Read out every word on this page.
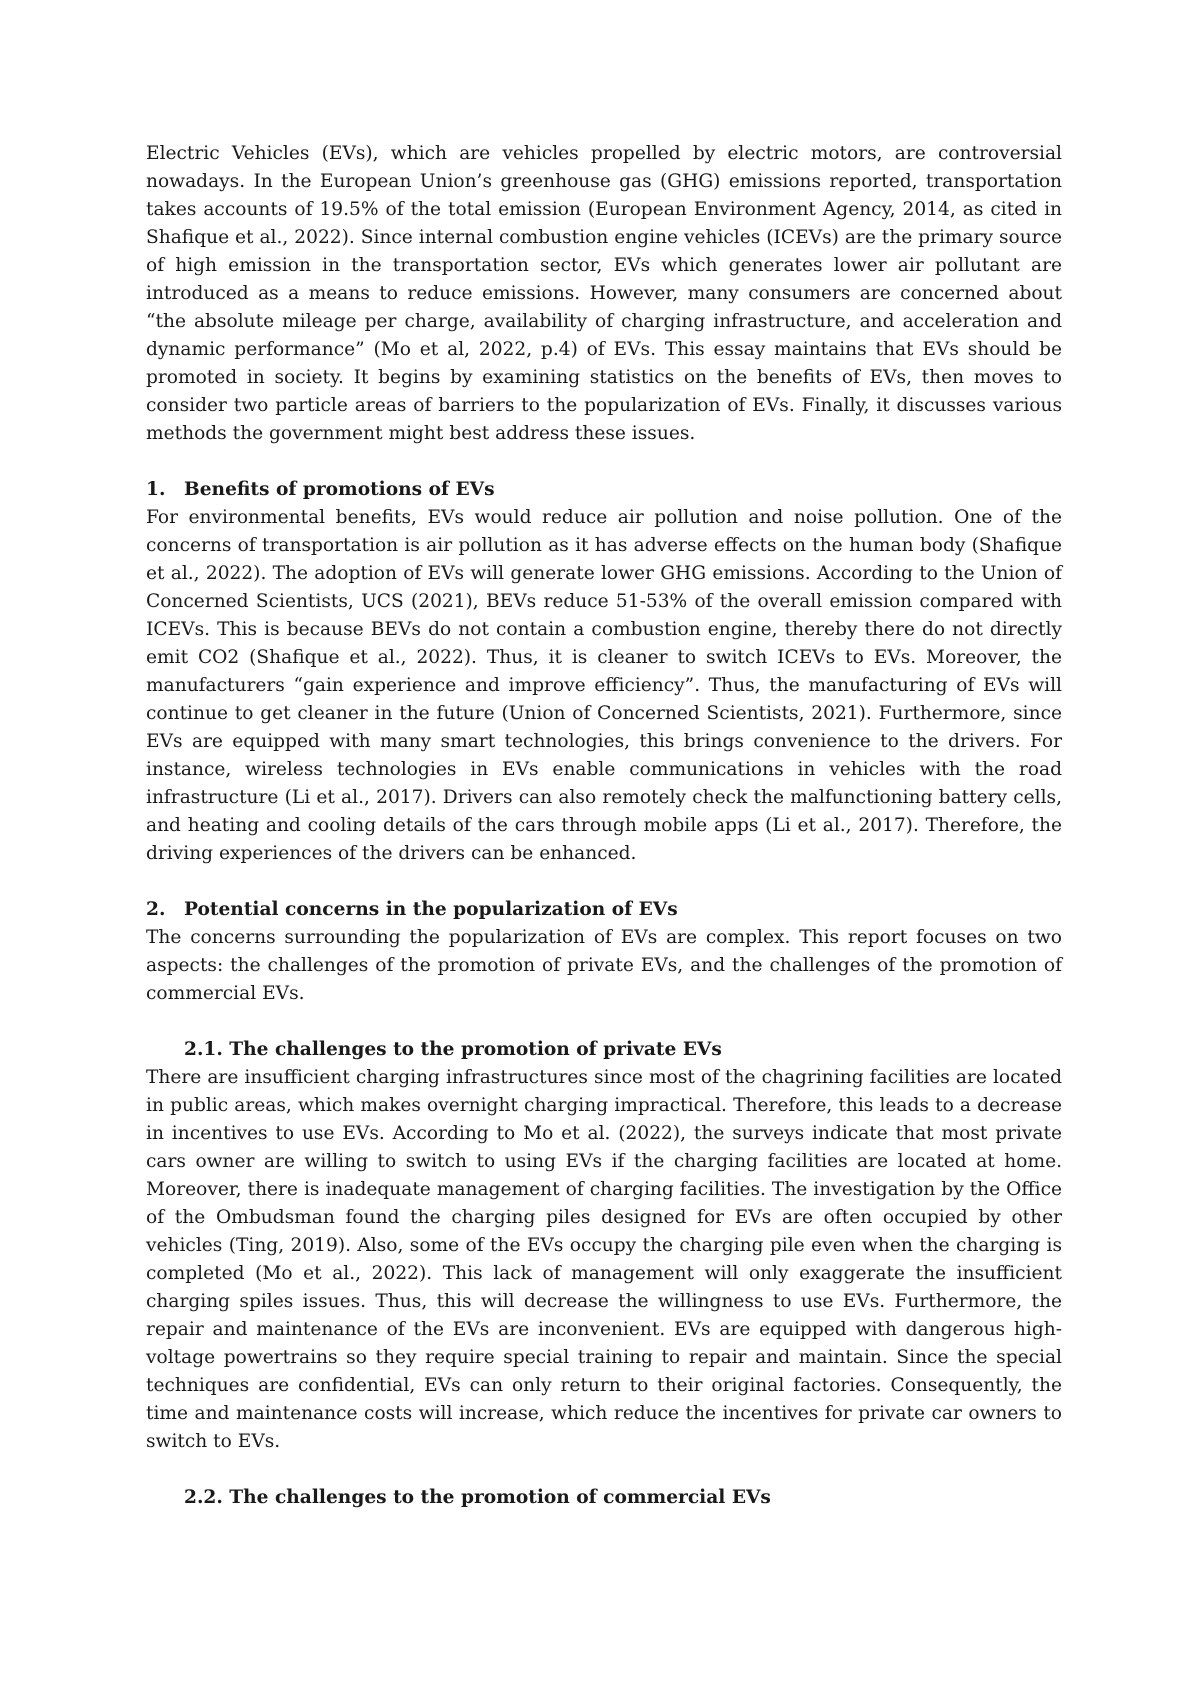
Electric Vehicles (EVs), which are vehicles propelled by electric motors, are controversial nowadays. In the European Union’s greenhouse gas (GHG) emissions reported, transportation takes accounts of 19.5% of the total emission (European Environment Agency, 2014, as cited in Shafique et al., 2022). Since internal combustion engine vehicles (ICEVs) are the primary source of high emission in the transportation sector, EVs which generates lower air pollutant are introduced as a means to reduce emissions. However, many consumers are concerned about “the absolute mileage per charge, availability of charging infrastructure, and acceleration and dynamic performance” (Mo et al, 2022, p.4) of EVs. This essay maintains that EVs should be promoted in society. It begins by examining statistics on the benefits of EVs, then moves to consider two particle areas of barriers to the popularization of EVs. Finally, it discusses various methods the government might best address these issues.

1. Benefits of promotions of EVs

For environmental benefits, EVs would reduce air pollution and noise pollution. One of the concerns of transportation is air pollution as it has adverse effects on the human body (Shafique et al., 2022). The adoption of EVs will generate lower GHG emissions. According to the Union of Concerned Scientists, UCS (2021), BEVs reduce 51-53% of the overall emission compared with ICEVs. This is because BEVs do not contain a combustion engine, thereby there do not directly emit CO2 (Shafique et al., 2022). Thus, it is cleaner to switch ICEVs to EVs. Moreover, the manufacturers “gain experience and improve efficiency”. Thus, the manufacturing of EVs will continue to get cleaner in the future (Union of Concerned Scientists, 2021). Furthermore, since EVs are equipped with many smart technologies, this brings convenience to the drivers. For instance, wireless technologies in EVs enable communications in vehicles with the road infrastructure (Li et al., 2017). Drivers can also remotely check the malfunctioning battery cells, and heating and cooling details of the cars through mobile apps (Li et al., 2017). Therefore, the driving experiences of the drivers can be enhanced.

2. Potential concerns in the popularization of EVs

The concerns surrounding the popularization of EVs are complex. This report focuses on two aspects: the challenges of the promotion of private EVs, and the challenges of the promotion of commercial EVs.

2.1. The challenges to the promotion of private EVs

There are insufficient charging infrastructures since most of the chagrining facilities are located in public areas, which makes overnight charging impractical. Therefore, this leads to a decrease in incentives to use EVs. According to Mo et al. (2022), the surveys indicate that most private cars owner are willing to switch to using EVs if the charging facilities are located at home. Moreover, there is inadequate management of charging facilities. The investigation by the Office of the Ombudsman found the charging piles designed for EVs are often occupied by other vehicles (Ting, 2019). Also, some of the EVs occupy the charging pile even when the charging is completed (Mo et al., 2022). This lack of management will only exaggerate the insufficient charging spiles issues. Thus, this will decrease the willingness to use EVs. Furthermore, the repair and maintenance of the EVs are inconvenient. EVs are equipped with dangerous high-voltage powertrains so they require special training to repair and maintain. Since the special techniques are confidential, EVs can only return to their original factories. Consequently, the time and maintenance costs will increase, which reduce the incentives for private car owners to switch to EVs.

2.2. The challenges to the promotion of commercial EVs
